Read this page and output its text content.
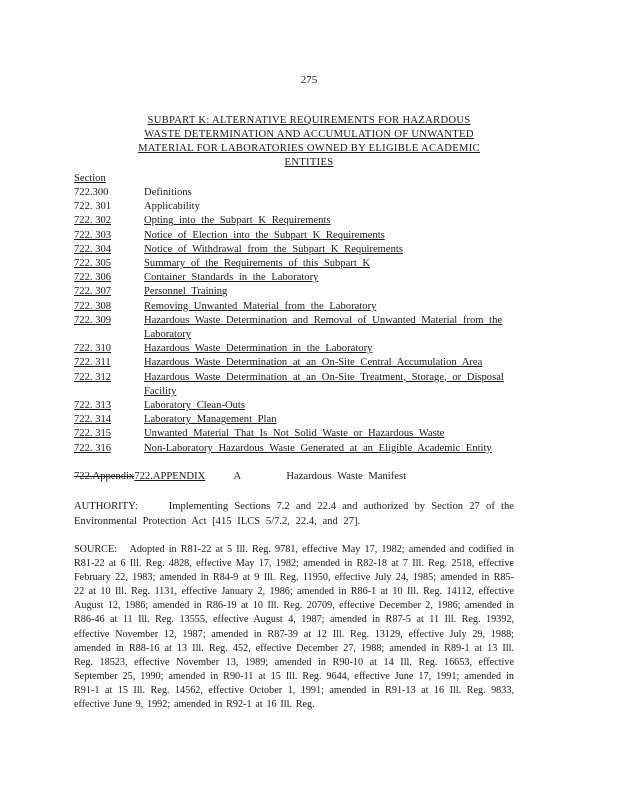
275
SUBPART K: ALTERNATIVE REQUIREMENTS FOR HAZARDOUS
WASTE DETERMINATION AND ACCUMULATION OF UNWANTED
MATERIAL FOR LABORATORIES OWNED BY ELIGIBLE ACADEMIC
ENTITIES
Section
722.300	Definitions
722. 301	Applicability
722. 302	Opting into the Subpart K Requirements
722. 303	Notice of Election into the Subpart K Requirements
722. 304	Notice of Withdrawal from the Subpart K Requirements
722. 305	Summary of the Requirements of this Subpart K
722. 306	Container Standards in the Laboratory
722. 307	Personnel Training
722. 308	Removing Unwanted Material from the Laboratory
722. 309	Hazardous Waste Determination and Removal of Unwanted Material from the Laboratory
722. 310	Hazardous Waste Determination in the Laboratory
722. 311	Hazardous Waste Determination at an On-Site Central Accumulation Area
722. 312	Hazardous Waste Determination at an On-Site Treatment, Storage, or Disposal Facility
722. 313	Laboratory Clean-Outs
722. 314	Laboratory Management Plan
722. 315	Unwanted Material That Is Not Solid Waste or Hazardous Waste
722. 316	Non-Laboratory Hazardous Waste Generated at an Eligible Academic Entity
722.Appendix722.APPENDIX	A	Hazardous Waste Manifest
AUTHORITY:	Implementing Sections 7.2 and 22.4 and authorized by Section 27 of the Environmental Protection Act [415 ILCS 5/7.2, 22.4, and 27].
SOURCE: Adopted in R81-22 at 5 Ill. Reg. 9781, effective May 17, 1982; amended and codified in R81-22 at 6 Ill. Reg. 4828, effective May 17, 1982; amended in R82-18 at 7 Ill. Reg. 2518, effective February 22, 1983; amended in R84-9 at 9 Ill. Reg. 11950, effective July 24, 1985; amended in R85-22 at 10 Ill. Reg. 1131, effective January 2, 1986; amended in R86-1 at 10 Ill. Reg. 14112, effective August 12, 1986; amended in R86-19 at 10 Ill. Reg. 20709, effective December 2, 1986; amended in R86-46 at 11 Ill. Reg. 13555, effective August 4, 1987; amended in R87-5 at 11 Ill. Reg. 19392, effective November 12, 1987; amended in R87-39 at 12 Ill. Reg. 13129, effective July 29, 1988; amended in R88-16 at 13 Ill. Reg. 452, effective December 27, 1988; amended in R89-1 at 13 Ill. Reg. 18523, effective November 13, 1989; amended in R90-10 at 14 Ill. Reg. 16653, effective September 25, 1990; amended in R90-11 at 15 Ill. Reg. 9644, effective June 17, 1991; amended in R91-1 at 15 Ill. Reg. 14562, effective October 1, 1991; amended in R91-13 at 16 Ill. Reg. 9833, effective June 9, 1992; amended in R92-1 at 16 Ill. Reg.
